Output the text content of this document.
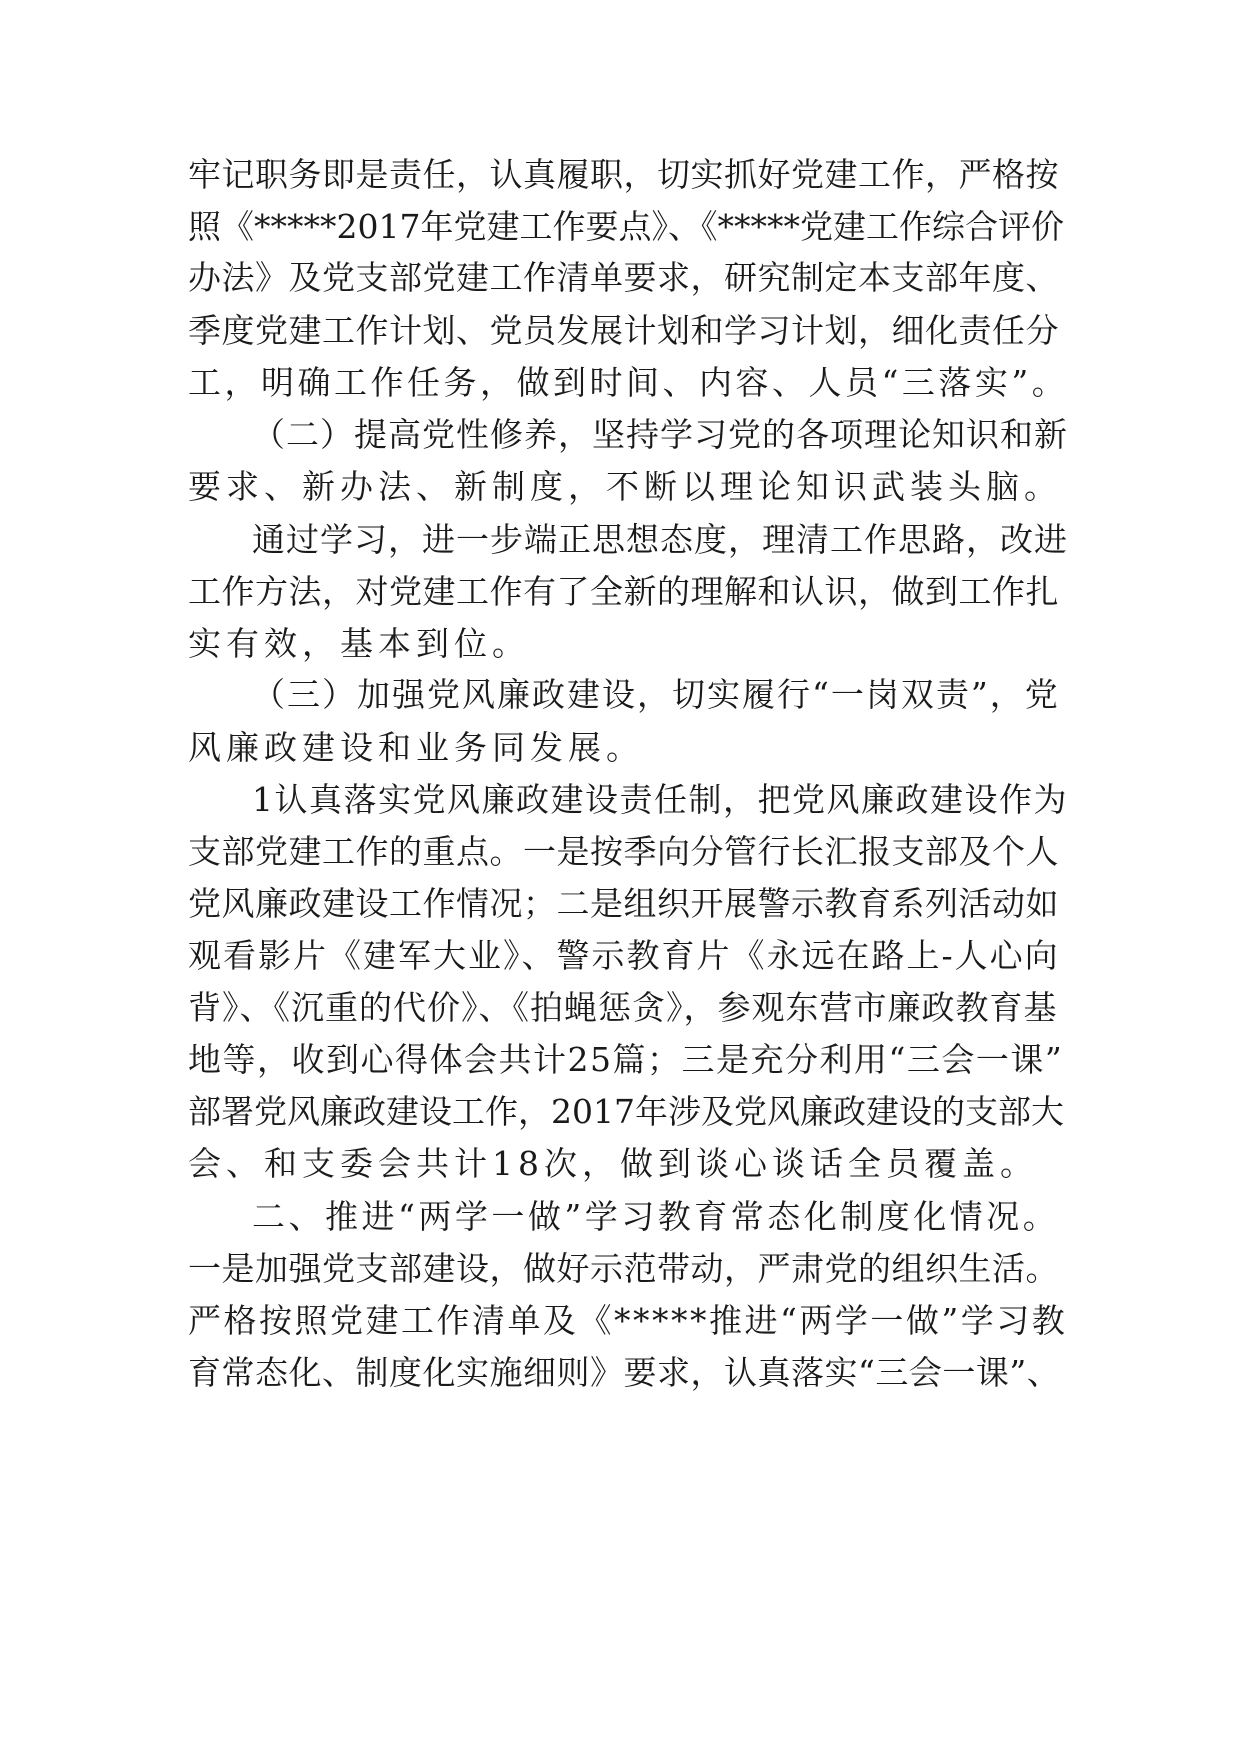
牢记职务即是责任，认真履职，切实抓好党建工作，严格按
照《*****2017年党建工作要点》、《*****党建工作综合评价
办法》及党支部党建工作清单要求，研究制定本支部年度、
季度党建工作计划、党员发展计划和学习计划，细化责任分
工，明确工作任务，做到时间、内容、人员“三落实”。
（二）提高党性修养，坚持学习党的各项理论知识和新
要求、新办法、新制度，不断以理论知识武装头脑。
通过学习，进一步端正思想态度，理清工作思路，改进
工作方法，对党建工作有了全新的理解和认识，做到工作扎
实有效，基本到位。
（三）加强党风廉政建设，切实履行“一岗双责”，党
风廉政建设和业务同发展。
1认真落实党风廉政建设责任制，把党风廉政建设作为
支部党建工作的重点。一是按季向分管行长汇报支部及个人
党风廉政建设工作情况；二是组织开展警示教育系列活动如
观看影片《建军大业》、警示教育片《永远在路上-人心向
背》、《沉重的代价》、《拍蝇惩贪》，参观东营市廉政教育基
地等，收到心得体会共计25篇；三是充分利用“三会一课”
部署党风廉政建设工作，2017年涉及党风廉政建设的支部大
会、和支委会共计18次，做到谈心谈话全员覆盖。
二、推进“两学一做”学习教育常态化制度化情况。
一是加强党支部建设，做好示范带动，严肃党的组织生活。
严格按照党建工作清单及《*****推进“两学一做”学习教
育常态化、制度化实施细则》要求，认真落实“三会一课”、
